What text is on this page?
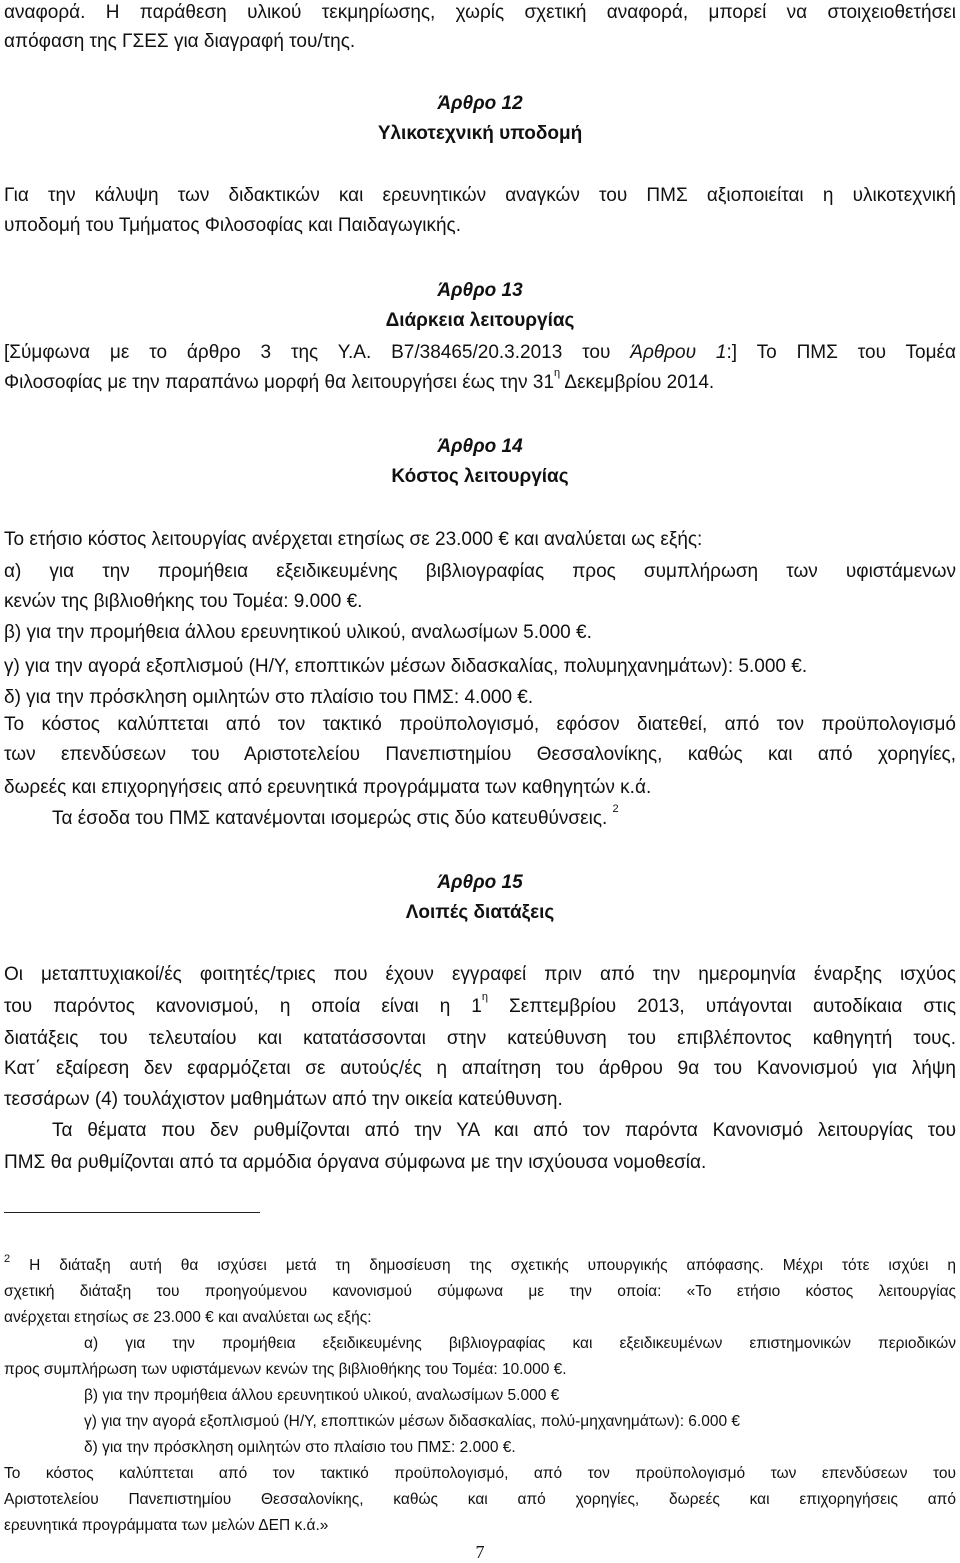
αναφορά. Η παράθεση υλικού τεκμηρίωσης, χωρίς σχετική αναφορά, μπορεί να στοιχειοθετήσει
απόφαση της ΓΣΕΣ για διαγραφή του/της.
Άρθρο 12
Υλικοτεχνική υποδομή
Για την κάλυψη των διδακτικών και ερευνητικών αναγκών του ΠΜΣ αξιοποιείται η υλικοτεχνική
υποδομή του Τμήματος Φιλοσοφίας και Παιδαγωγικής.
Άρθρο 13
Διάρκεια λειτουργίας
[Σύμφωνα με το άρθρο 3 της Υ.Α. Β7/38465/20.3.2013 του Άρθρου 1:] Το ΠΜΣ του Τομέα
Φιλοσοφίας με την παραπάνω μορφή θα λειτουργήσει έως την $31^\eta$ Δεκεμβρίου 2014.
Άρθρο 14
Κόστος λειτουργίας
Το ετήσιο κόστος λειτουργίας ανέρχεται ετησίως σε 23.000 € και αναλύεται ως εξής:
α) για την προμήθεια εξειδικευμένης βιβλιογραφίας προς συμπλήρωση των υφιστάμενων
κενών της βιβλιοθήκης του Τομέα: 9.000 €.
β) για την προμήθεια άλλου ερευνητικού υλικού, αναλωσίμων 5.000 €.
γ) για την αγορά εξοπλισμού (Η/Υ, εποπτικών μέσων διδασκαλίας, πολυμηχανημάτων): 5.000 €.
δ) για την πρόσκληση ομιλητών στο πλαίσιο του ΠΜΣ: 4.000 €.
Το κόστος καλύπτεται από τον τακτικό προϋπολογισμό, εφόσον διατεθεί, από τον προϋπολογισμό
των επενδύσεων του Αριστοτελείου Πανεπιστημίου Θεσσαλονίκης, καθώς και από χορηγίες,
δωρεές και επιχορηγήσεις από ερευνητικά προγράμματα των καθηγητών κ.ά.
Τα έσοδα του ΠΜΣ κατανέμονται ισομερώς στις δύο κατευθύνσεις. $^2$
Άρθρο 15
Λοιπές διατάξεις
Οι μεταπτυχιακοί/ές φοιτητές/τριες που έχουν εγγραφεί πριν από την ημερομηνία έναρξης ισχύος
του παρόντος κανονισμού, η οποία είναι η $1^\eta$ Σεπτεμβρίου 2013, υπάγονται αυτοδίκαια στις
διατάξεις του τελευταίου και κατατάσσονται στην κατεύθυνση του επιβλέποντος καθηγητή τους.
Κατ΄ εξαίρεση δεν εφαρμόζεται σε αυτούς/ές η απαίτηση του άρθρου 9α του Κανονισμού για λήψη
τεσσάρων (4) τουλάχιστον μαθημάτων από την οικεία κατεύθυνση.
Τα θέματα που δεν ρυθμίζονται από την ΥΑ και από τον παρόντα Κανονισμό λειτουργίας του
ΠΜΣ θα ρυθμίζονται από τα αρμόδια όργανα σύμφωνα με την ισχύουσα νομοθεσία.
$^2$ Η διάταξη αυτή θα ισχύσει μετά τη δημοσίευση της σχετικής υπουργικής απόφασης. Μέχρι τότε ισχύει η
σχετική διάταξη του προηγούμενου κανονισμού σύμφωνα με την οποία: «Το ετήσιο κόστος λειτουργίας
ανέρχεται ετησίως σε 23.000 € και αναλύεται ως εξής:
α) για την προμήθεια εξειδικευμένης βιβλιογραφίας και εξειδικευμένων επιστημονικών περιοδικών
προς συμπλήρωση των υφιστάμενων κενών της βιβλιοθήκης του Τομέα: 10.000 €.
β) για την προμήθεια άλλου ερευνητικού υλικού, αναλωσίμων 5.000 €
γ) για την αγορά εξοπλισμού (Η/Υ, εποπτικών μέσων διδασκαλίας, πολύ-μηχανημάτων): 6.000 €
δ) για την πρόσκληση ομιλητών στο πλαίσιο του ΠΜΣ: 2.000 €.
Το κόστος καλύπτεται από τον τακτικό προϋπολογισμό, από τον προϋπολογισμό των επενδύσεων του
Αριστοτελείου Πανεπιστημίου Θεσσαλονίκης, καθώς και από χορηγίες, δωρεές και επιχορηγήσεις από
ερευνητικά προγράμματα των μελών ΔΕΠ κ.ά.»
7
